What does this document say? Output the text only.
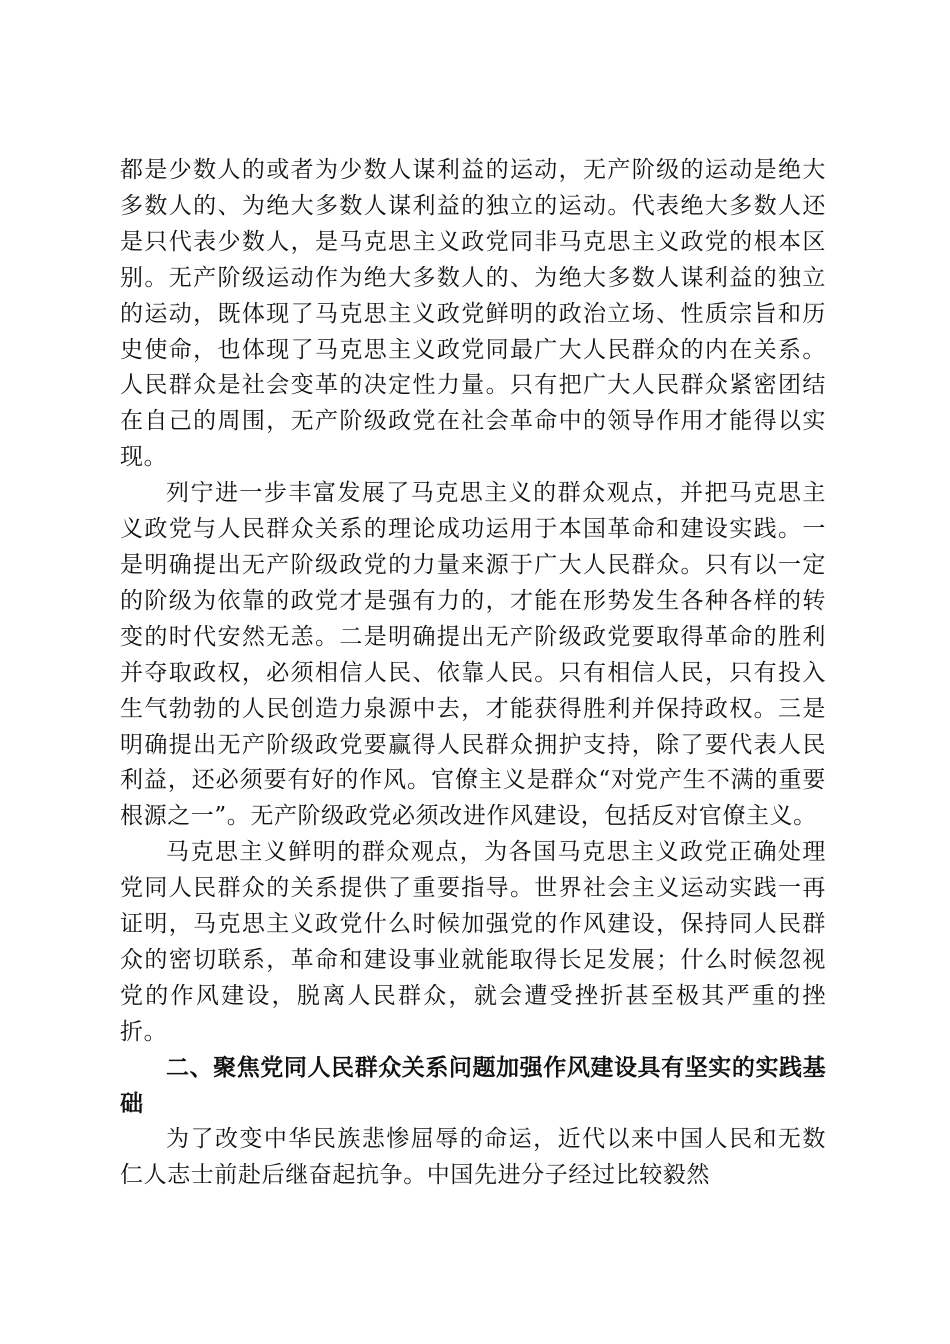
都是少数人的或者为少数人谋利益的运动，无产阶级的运动是绝大多数人的、为绝大多数人谋利益的独立的运动。代表绝大多数人还是只代表少数人，是马克思主义政党同非马克思主义政党的根本区别。无产阶级运动作为绝大多数人的、为绝大多数人谋利益的独立的运动，既体现了马克思主义政党鲜明的政治立场、性质宗旨和历史使命，也体现了马克思主义政党同最广大人民群众的内在关系。人民群众是社会变革的决定性力量。只有把广大人民群众紧密团结在自己的周围，无产阶级政党在社会革命中的领导作用才能得以实现。

列宁进一步丰富发展了马克思主义的群众观点，并把马克思主义政党与人民群众关系的理论成功运用于本国革命和建设实践。一是明确提出无产阶级政党的力量来源于广大人民群众。只有以一定的阶级为依靠的政党才是强有力的，才能在形势发生各种各样的转变的时代安然无恙。二是明确提出无产阶级政党要取得革命的胜利并夺取政权，必须相信人民、依靠人民。只有相信人民，只有投入生气勃勃的人民创造力泉源中去，才能获得胜利并保持政权。三是明确提出无产阶级政党要赢得人民群众拥护支持，除了要代表人民利益，还必须要有好的作风。官僚主义是群众“对党产生不满的重要根源之一”。无产阶级政党必须改进作风建设，包括反对官僚主义。

马克思主义鲜明的群众观点，为各国马克思主义政党正确处理党同人民群众的关系提供了重要指导。世界社会主义运动实践一再证明，马克思主义政党什么时候加强党的作风建设，保持同人民群众的密切联系，革命和建设事业就能取得长足发展；什么时候忽视党的作风建设，脱离人民群众，就会遭受挫折甚至极其严重的挫折。

二、聚焦党同人民群众关系问题加强作风建设具有坚实的实践基础

为了改变中华民族悲惨屈辱的命运，近代以来中国人民和无数仁人志士前赴后继奋起抗争。中国先进分子经过比较毅然
